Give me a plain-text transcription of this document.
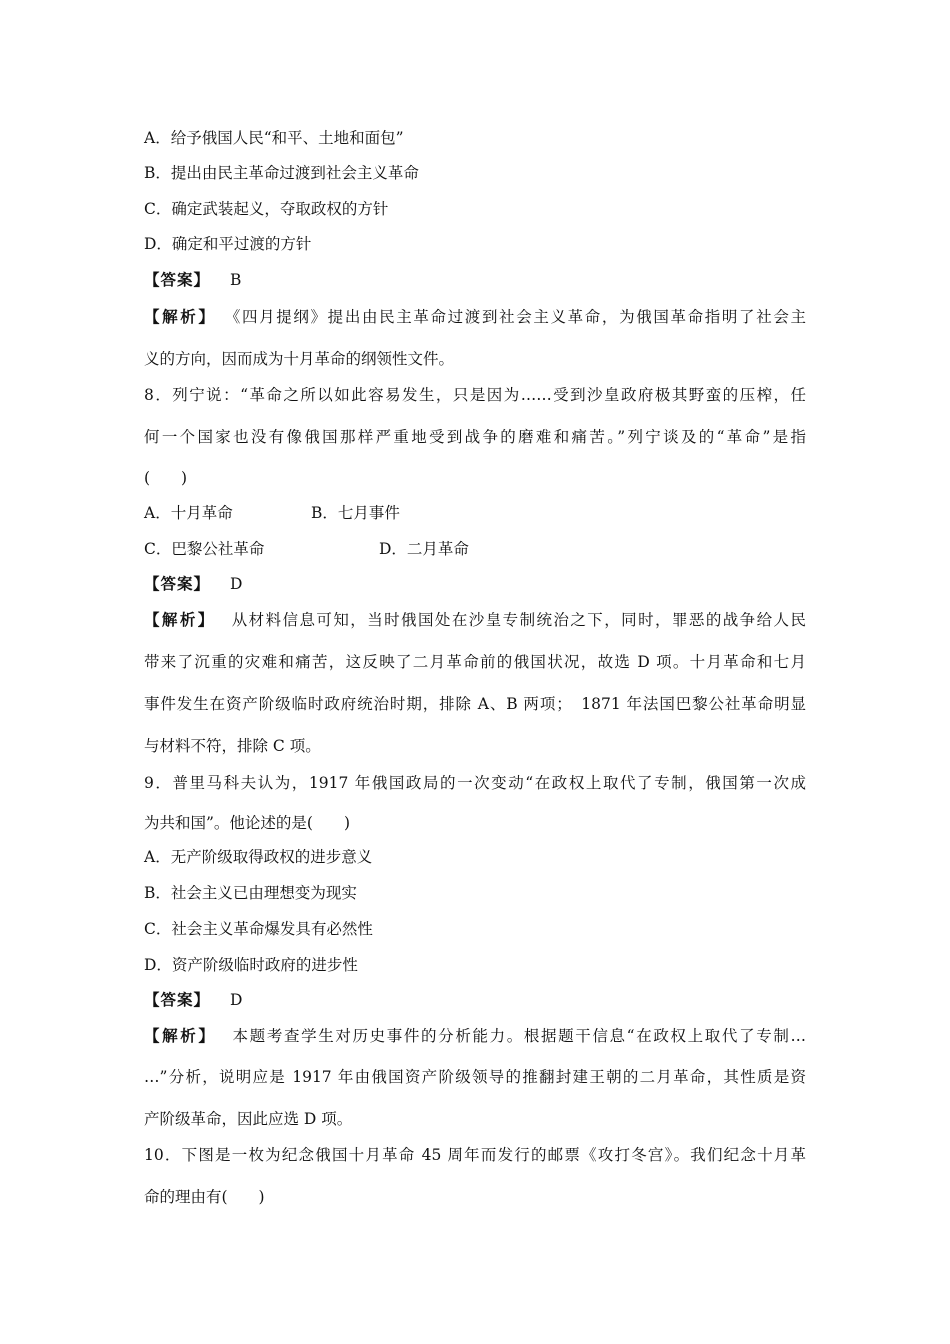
A．给予俄国人民“和平、土地和面包”
B．提出由民主革命过渡到社会主义革命
C．确定武装起义，夺取政权的方针
D．确定和平过渡的方针
【答案】 B
【解析】 《四月提纲》提出由民主革命过渡到社会主义革命，为俄国革命指明了社会主
义的方向，因而成为十月革命的纲领性文件。
8．列宁说：“革命之所以如此容易发生，只是因为……受到沙皇政府极其野蛮的压榨，任
何一个国家也没有像俄国那样严重地受到战争的磨难和痛苦。”列宁谈及的“革命”是指
(　　)
A．十月革命	B．七月事件
C．巴黎公社革命	D．二月革命
【答案】 D
【解析】 从材料信息可知，当时俄国处在沙皇专制统治之下，同时，罪恶的战争给人民
带来了沉重的灾难和痛苦，这反映了二月革命前的俄国状况，故选 D 项。十月革命和七月
事件发生在资产阶级临时政府统治时期，排除 A、B 两项；　1871 年法国巴黎公社革命明显
与材料不符，排除 C 项。
9．普里马科夫认为，1917 年俄国政局的一次变动“在政权上取代了专制，俄国第一次成
为共和国”。他论述的是(　　)
A．无产阶级取得政权的进步意义
B．社会主义已由理想变为现实
C．社会主义革命爆发具有必然性
D．资产阶级临时政府的进步性
【答案】 D
【解析】 本题考查学生对历史事件的分析能力。根据题干信息“在政权上取代了专制…
…”分析，说明应是 1917 年由俄国资产阶级领导的推翻封建王朝的二月革命，其性质是资
产阶级革命，因此应选 D 项。
10．下图是一枚为纪念俄国十月革命 45 周年而发行的邮票《攻打冬宫》。我们纪念十月革
命的理由有(　　)
